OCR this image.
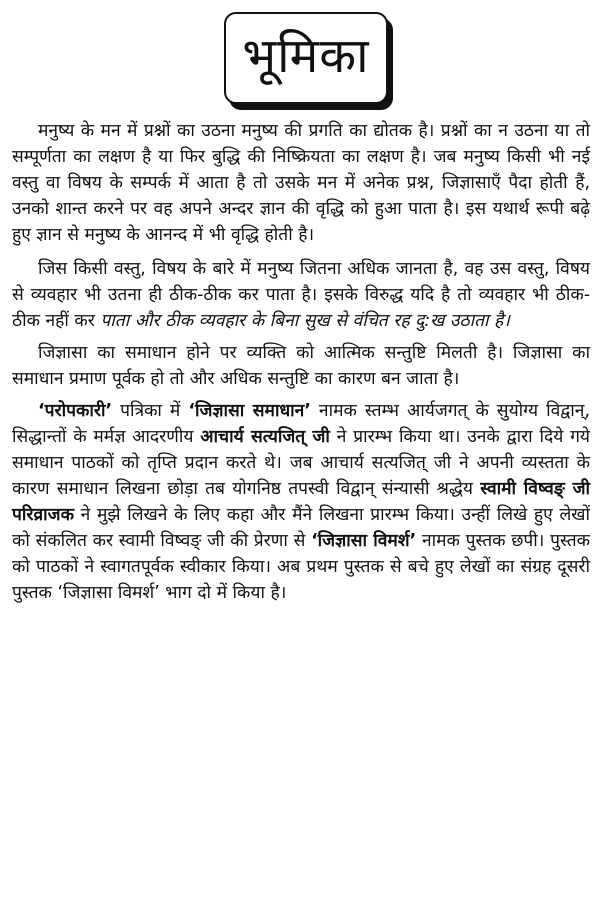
भूमिका

मनुष्य के मन में प्रश्नों का उठना मनुष्य की प्रगति का द्योतक है। प्रश्नों का न उठना या तो सम्पूर्णता का लक्षण है या फिर बुद्धि की निष्क्रियता का लक्षण है। जब मनुष्य किसी भी नई वस्तु वा विषय के सम्पर्क में आता है तो उसके मन में अनेक प्रश्न, जिज्ञासाएँ पैदा होती हैं, उनको शान्त करने पर वह अपने अन्दर ज्ञान की वृद्धि को हुआ पाता है। इस यथार्थ रूपी बढ़े हुए ज्ञान से मनुष्य के आनन्द में भी वृद्धि होती है।

जिस किसी वस्तु, विषय के बारे में मनुष्य जितना अधिक जानता है, वह उस वस्तु, विषय से व्यवहार भी उतना ही ठीक-ठीक कर पाता है। इसके विरुद्ध यदि है तो व्यवहार भी ठीक-ठीक नहीं कर पाता और ठीक व्यवहार के बिना सुख से वंचित रह दु:ख उठाता है।

जिज्ञासा का समाधान होने पर व्यक्ति को आत्मिक सन्तुष्टि मिलती है। जिज्ञासा का समाधान प्रमाण पूर्वक हो तो और अधिक सन्तुष्टि का कारण बन जाता है।

‘परोपकारी’ पत्रिका में ‘जिज्ञासा समाधान’ नामक स्तम्भ आर्यजगत् के सुयोग्य विद्वान्, सिद्धान्तों के मर्मज्ञ आदरणीय आचार्य सत्यजित् जी ने प्रारम्भ किया था। उनके द्वारा दिये गये समाधान पाठकों को तृप्ति प्रदान करते थे। जब आचार्य सत्यजित् जी ने अपनी व्यस्तता के कारण समाधान लिखना छोड़ा तब योगनिष्ठ तपस्वी विद्वान् संन्यासी श्रद्धेय स्वामी विष्वङ् जी परिव्राजक ने मुझे लिखने के लिए कहा और मैंने लिखना प्रारम्भ किया। उन्हीं लिखे हुए लेखों को संकलित कर स्वामी विष्वङ् जी की प्रेरणा से ‘जिज्ञासा विमर्श’ नामक पुस्तक छपी। पुस्तक को पाठकों ने स्वागतपूर्वक स्वीकार किया। अब प्रथम पुस्तक से बचे हुए लेखों का संग्रह दूसरी पुस्तक ‘जिज्ञासा विमर्श’ भाग दो में किया है।
